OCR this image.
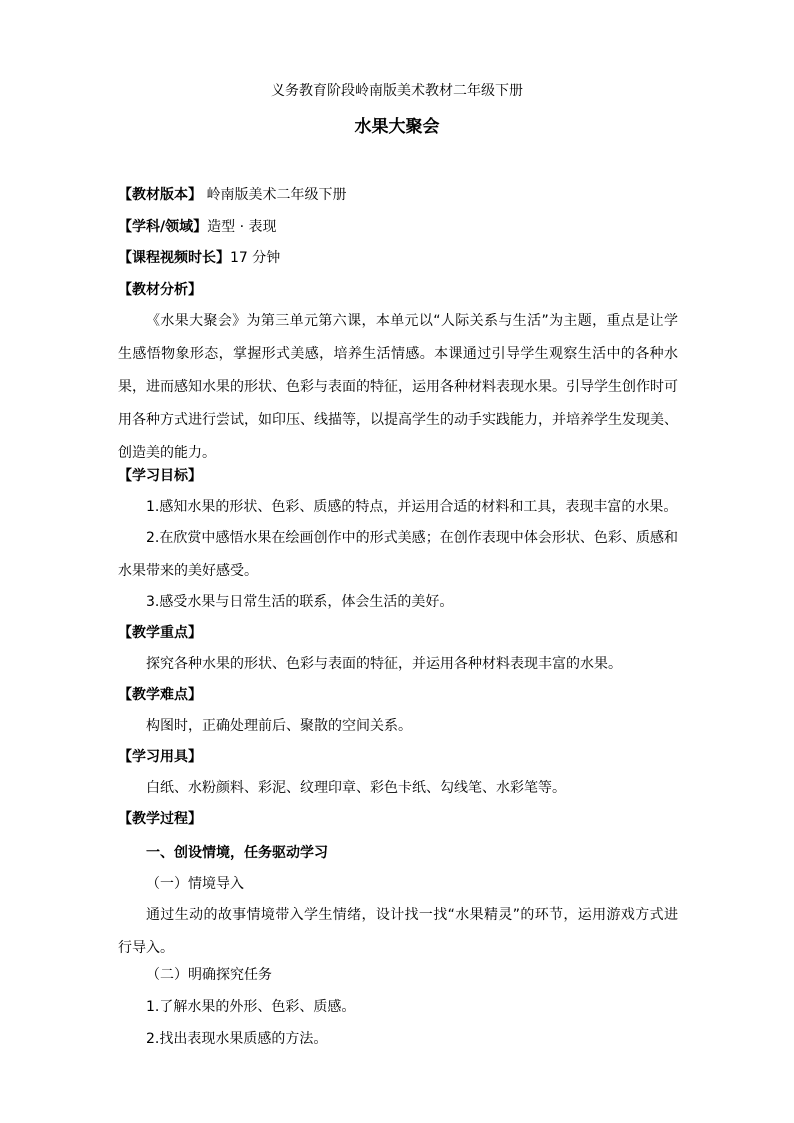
义务教育阶段岭南版美术教材二年级下册
水果大聚会
【教材版本】 岭南版美术二年级下册
【学科/领域】造型 · 表现
【课程视频时长】17 分钟
【教材分析】
《水果大聚会》为第三单元第六课，本单元以“人际关系与生活”为主题，重点是让学生感悟物象形态，掌握形式美感，培养生活情感。本课通过引导学生观察生活中的各种水果，进而感知水果的形状、色彩与表面的特征，运用各种材料表现水果。引导学生创作时可用各种方式进行尝试，如印压、线描等，以提高学生的动手实践能力，并培养学生发现美、创造美的能力。
【学习目标】
1.感知水果的形状、色彩、质感的特点，并运用合适的材料和工具，表现丰富的水果。
2.在欣赏中感悟水果在绘画创作中的形式美感；在创作表现中体会形状、色彩、质感和水果带来的美好感受。
3.感受水果与日常生活的联系，体会生活的美好。
【教学重点】
探究各种水果的形状、色彩与表面的特征，并运用各种材料表现丰富的水果。
【教学难点】
构图时，正确处理前后、聚散的空间关系。
【学习用具】
白纸、水粉颜料、彩泥、纹理印章、彩色卡纸、勾线笔、水彩笔等。
【教学过程】
一、创设情境，任务驱动学习
（一）情境导入
通过生动的故事情境带入学生情绪，设计找一找“水果精灵”的环节，运用游戏方式进行导入。
（二）明确探究任务
1.了解水果的外形、色彩、质感。
2.找出表现水果质感的方法。
